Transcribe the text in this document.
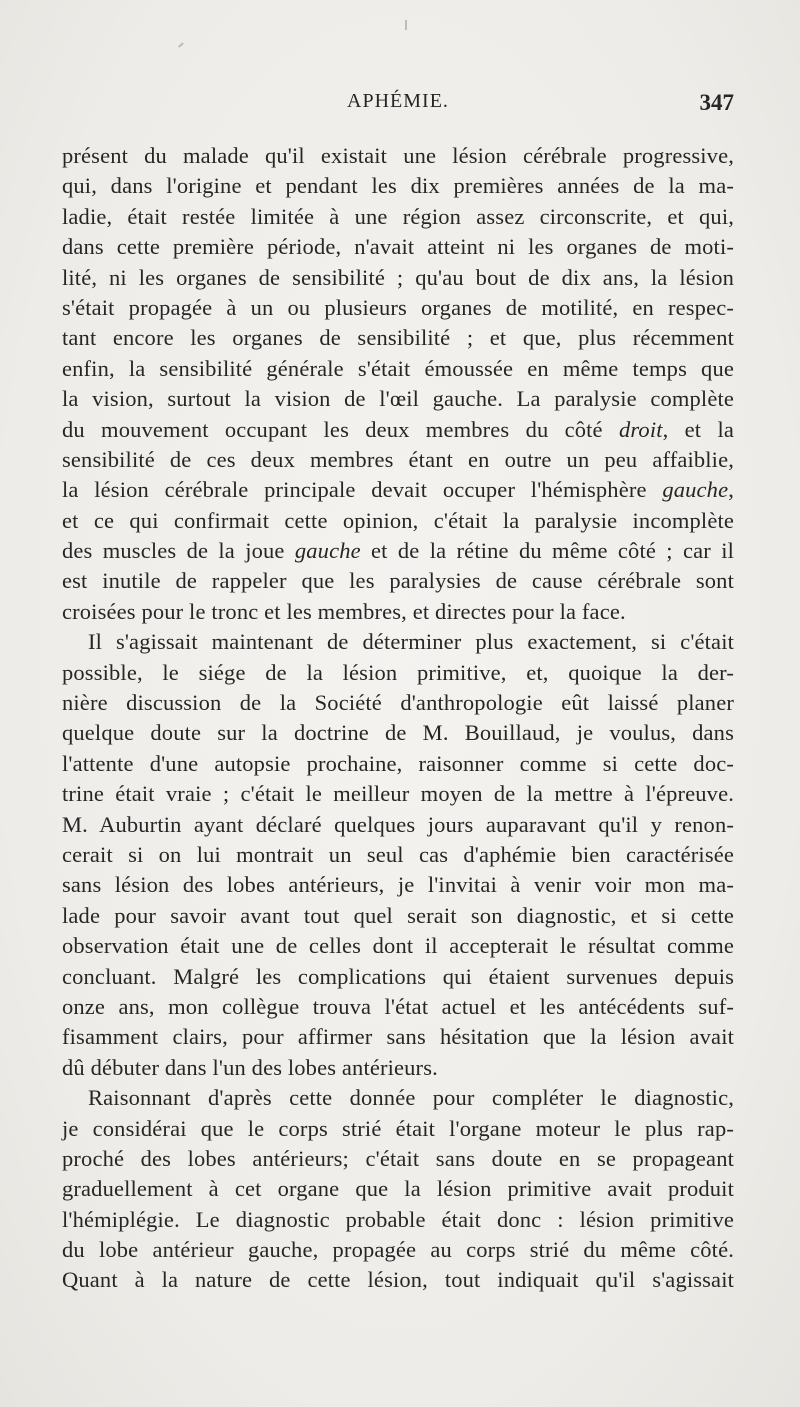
APHÉMIE.	347
présent du malade qu'il existait une lésion cérébrale progressive,
qui, dans l'origine et pendant les dix premières années de la ma-
ladie, était restée limitée à une région assez circonscrite, et qui,
dans cette première période, n'avait atteint ni les organes de moti-
lité, ni les organes de sensibilité ; qu'au bout de dix ans, la lésion
s'était propagée à un ou plusieurs organes de motilité, en respec-
tant encore les organes de sensibilité ; et que, plus récemment
enfin, la sensibilité générale s'était émoussée en même temps que
la vision, surtout la vision de l'œil gauche. La paralysie complète
du mouvement occupant les deux membres du côté droit, et la
sensibilité de ces deux membres étant en outre un peu affaiblie,
la lésion cérébrale principale devait occuper l'hémisphère gauche,
et ce qui confirmait cette opinion, c'était la paralysie incomplète
des muscles de la joue gauche et de la rétine du même côté ; car il
est inutile de rappeler que les paralysies de cause cérébrale sont
croisées pour le tronc et les membres, et directes pour la face.
Il s'agissait maintenant de déterminer plus exactement, si c'était
possible, le siége de la lésion primitive, et, quoique la der-
nière discussion de la Société d'anthropologie eût laissé planer
quelque doute sur la doctrine de M. Bouillaud, je voulus, dans
l'attente d'une autopsie prochaine, raisonner comme si cette doc-
trine était vraie ; c'était le meilleur moyen de la mettre à l'épreuve.
M. Auburtin ayant déclaré quelques jours auparavant qu'il y renon-
cerait si on lui montrait un seul cas d'aphémie bien caractérisée
sans lésion des lobes antérieurs, je l'invitai à venir voir mon ma-
lade pour savoir avant tout quel serait son diagnostic, et si cette
observation était une de celles dont il accepterait le résultat comme
concluant. Malgré les complications qui étaient survenues depuis
onze ans, mon collègue trouva l'état actuel et les antécédents suf-
fisamment clairs, pour affirmer sans hésitation que la lésion avait
dû débuter dans l'un des lobes antérieurs.
Raisonnant d'après cette donnée pour compléter le diagnostic,
je considérai que le corps strié était l'organe moteur le plus rap-
proché des lobes antérieurs; c'était sans doute en se propageant
graduellement à cet organe que la lésion primitive avait produit
l'hémiplégie. Le diagnostic probable était donc : lésion primitive
du lobe antérieur gauche, propagée au corps strié du même côté.
Quant à la nature de cette lésion, tout indiquait qu'il s'agissait
